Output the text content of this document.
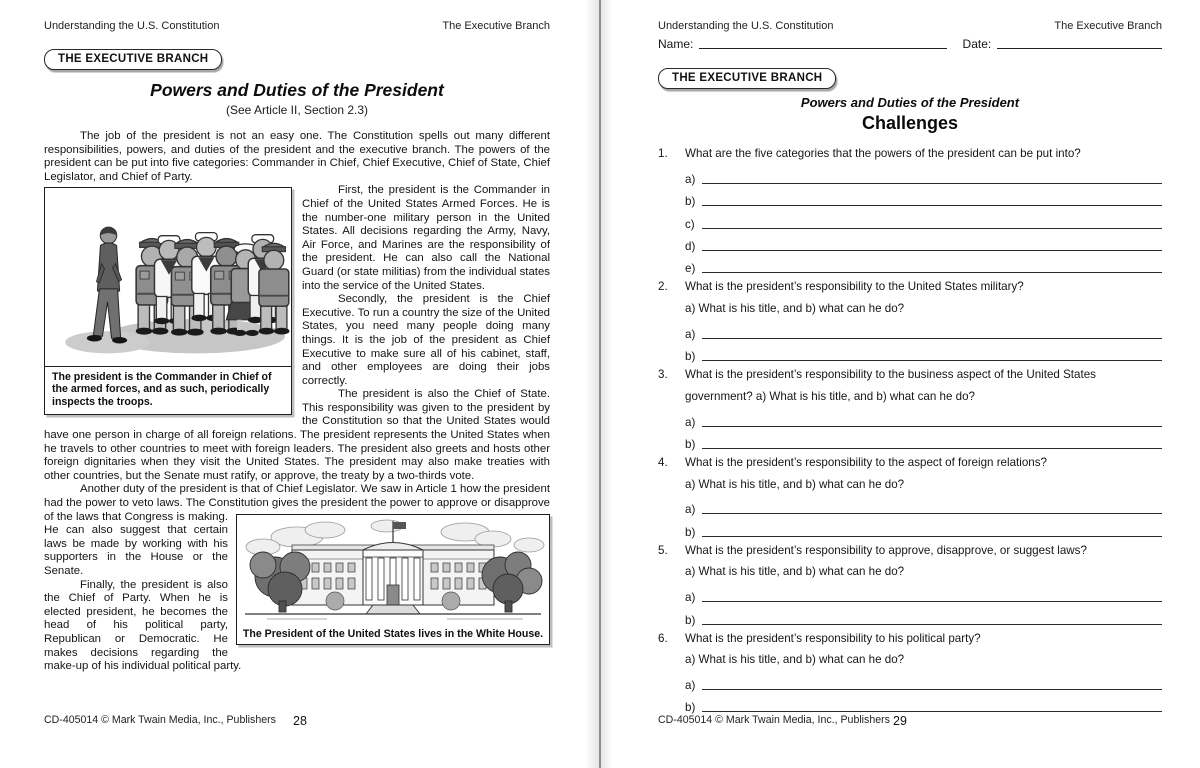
Understanding the U.S. Constitution	The Executive Branch
THE EXECUTIVE BRANCH
Powers and Duties of the President
(See Article II, Section 2.3)

The job of the president is not an easy one. The Constitution spells out many different responsibilities, powers, and duties of the president and the executive branch. The powers of the president can be put into five categories: Commander in Chief, Chief Executive, Chief of State, Chief Legislator, and Chief of Party.

The president is the Commander in Chief of the armed forces, and as such, periodically inspects the troops.

First, the president is the Commander in Chief of the United States Armed Forces. He is the number-one military person in the United States. All decisions regarding the Army, Navy, Air Force, and Marines are the responsibility of the president. He can also call the National Guard (or state militias) from the individual states into the service of the United States.

Secondly, the president is the Chief Executive. To run a country the size of the United States, you need many people doing many things. It is the job of the president as Chief Executive to make sure all of his cabinet, staff, and other employees are doing their jobs correctly.

The president is also the Chief of State. This responsibility was given to the president by the Constitution so that the United States would have one person in charge of all foreign relations. The president represents the United States when he travels to other countries to meet with foreign leaders. The president also greets and hosts other foreign dignitaries when they visit the United States. The president may also make treaties with other countries, but the Senate must ratify, or approve, the treaty by a two-thirds vote.

Another duty of the president is that of Chief Legislator. We saw in Article 1 how the president had the power to veto laws. The Constitution gives the president the power to approve or
The President of the United States lives in the White House.
disapprove of the laws that Congress is making. He can also suggest that certain laws be made by working with his supporters in the House or the Senate.

Finally, the president is also the Chief of Party. When he is elected president, he becomes the head of his political party, Republican or Democratic. He makes decisions regarding the make-up of his individual political party.

CD-405014 © Mark Twain Media, Inc., Publishers 28
Understanding the U.S. Constitution	The Executive Branch
Name:	Date:
THE EXECUTIVE BRANCH
Powers and Duties of the President
Challenges
1.	What are the five categories that the powers of the president can be put into?
a)
b)
c)
d)
e)
2.	What is the president’s responsibility to the United States military?
a) What is his title, and b) what can he do?
a)
b)
3.	What is the president’s responsibility to the business aspect of the United States government? a) What is his title, and b) what can he do?
a)
b)
4.	What is the president’s responsibility to the aspect of foreign relations?
a) What is his title, and b) what can he do?
a)
b)
5.	What is the president’s responsibility to approve, disapprove, or suggest laws?
a) What is his title, and b) what can he do?
a)
b)
6.	What is the president’s responsibility to his political party?
a) What is his title, and b) what can he do?
a)
b)
CD-405014 © Mark Twain Media, Inc., Publishers 29
